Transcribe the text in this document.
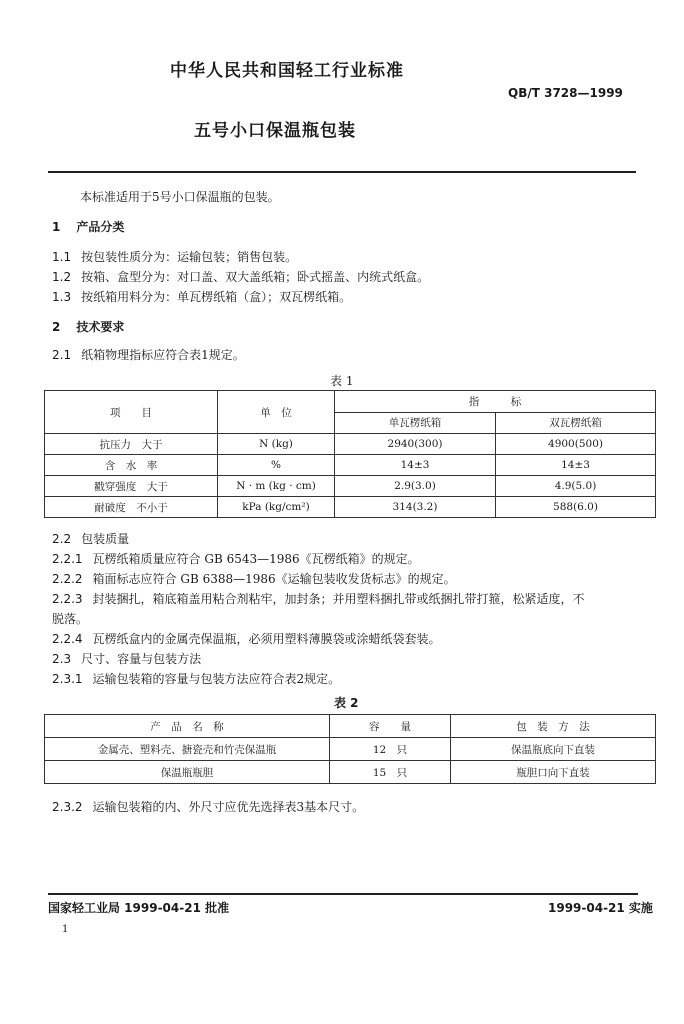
中华人民共和国轻工行业标准
QB/T 3728—1999
五号小口保温瓶包装
本标准适用于5号小口保温瓶的包装。
1 产品分类
1.1 按包装性质分为：运输包装；销售包装。
1.2 按箱、盒型分为：对口盖、双大盖纸箱；卧式摇盖、内统式纸盒。
1.3 按纸箱用料分为：单瓦楞纸箱（盒）；双瓦楞纸箱。
2 技术要求
2.1 纸箱物理指标应符合表1规定。
表 1
项　　目	单　位	指　　　标	
		单瓦楞纸箱	双瓦楞纸箱
抗压力　大于	N (kg)	2940(300)	4900(500)
含　水　率	%	14±3	14±3
戳穿强度　大于	N · m (kg · cm)	2.9(3.0)	4.9(5.0)
耐破度　不小于	kPa (kg/cm²)	314(3.2)	588(6.0)
2.2 包装质量
2.2.1 瓦楞纸箱质量应符合 GB 6543—1986《瓦楞纸箱》的规定。
2.2.2 箱面标志应符合 GB 6388—1986《运输包装收发货标志》的规定。
2.2.3 封装捆扎，箱底箱盖用粘合剂粘牢，加封条；并用塑料捆扎带或纸捆扎带打箍，松紧适度，不
脱落。
2.2.4 瓦楞纸盒内的金属壳保温瓶，必须用塑料薄膜袋或涂蜡纸袋套装。
2.3 尺寸、容量与包装方法
2.3.1 运输包装箱的容量与包装方法应符合表2规定。
表 2
产　品　名　称	容　　量	包　装　方　法
金属壳、塑料壳、搪瓷壳和竹壳保温瓶	12　只	保温瓶底向下直装
保温瓶瓶胆	15　只	瓶胆口向下直装
2.3.2 运输包装箱的内、外尺寸应优先选择表3基本尺寸。
国家轻工业局 1999-04-21 批准	1999-04-21 实施
1
